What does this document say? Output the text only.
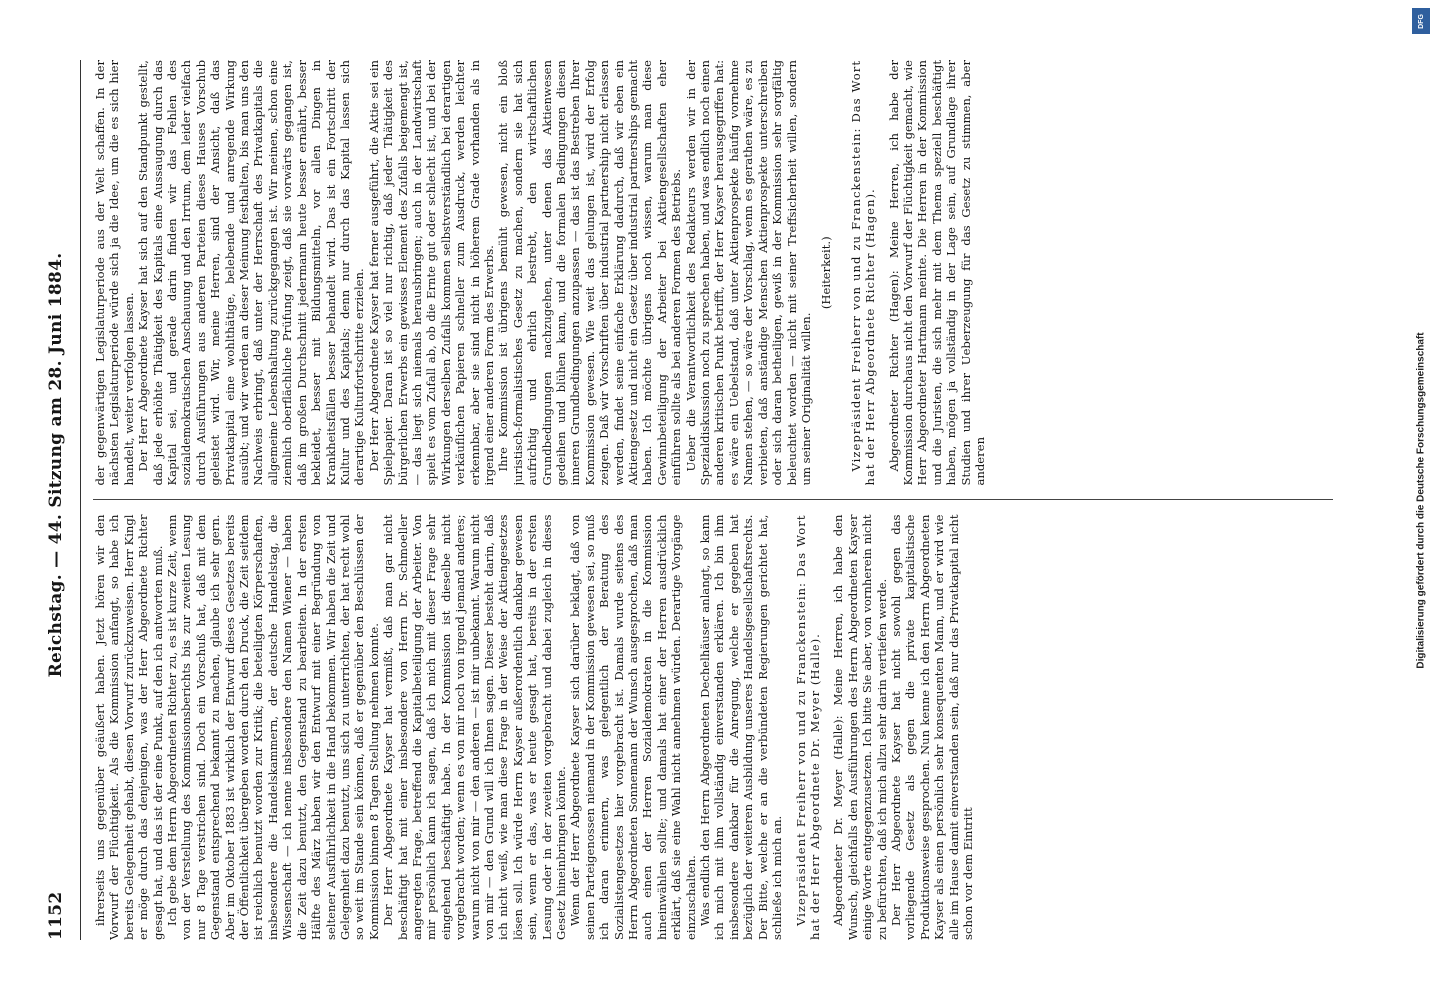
1152
Reichstag. — 44. Sitzung am 28. Juni 1884.

ihrerseits uns gegenüber geäußert haben. Jetzt hören wir den Vorwurf der Flüchtigkeit. Als die Kommission anfangt, so habe ich bereits Gelegenheit gehabt, diesen Vorwurf zurückzuweisen. Herr Kingl er möge durch das denjenigen, was der Herr Abgeordnete Richter gesagt hat, und das ist der eine Punkt, auf den ich antworten muß. Ich gebe dem Herrn Abgeordneten Richter zu, es ist kurze Zeit, wenn von der Verstellung des Kommissionsberichts bis zur zweiten Lesung nur 8 Tage verstrichen sind. Doch ein Vorschuß hat, daß mit dem Gegenstand entsprechend bekannt zu machen, glaube ich sehr gern. Aber im Oktober 1883 ist wirklich der Entwurf dieses Gesetzes bereits der Öffentlichkeit übergeben worden durch den Druck, die Zeit seitdem ist reichlich benutzt worden zur Kritik; die beteiligten Körperschaften, insbesondere die Handelskammern, der deutsche Handelstag, die Wissenschaft — ich nenne insbesondere den Namen Wiener — haben die Zeit dazu benutzt, den Gegenstand zu bearbeiten. In der ersten Hälfte des März haben wir den Entwurf mit einer Begründung von seltener Ausführlichkeit in die Hand bekommen. Wir haben die Zeit und Gelegenheit dazu benutzt, uns sich zu unterrichten, der hat recht wohl so weit im Stande sein können, daß er gegenüber den Beschlüssen der Kommission binnen 8 Tagen Stellung nehmen konnte. Der Herr Abgeordnete Kayser hat vermißt, daß man gar nicht beschäftigt hat mit einer insbesondere von Herrn Dr. Schmoeller angeregten Frage, betreffend die Kapitalbeteiligung der Arbeiter. Von mir persönlich kann ich sagen, daß ich mich mit dieser Frage sehr eingehend beschäftigt habe. In der Kommission ist dieselbe nicht vorgebracht worden; wenn es von mir noch von irgend jemand anderes; warum nicht von mir — den anderen — ist mir unbekannt. Warum nicht von mir — den Grund will ich Ihnen sagen. Dieser besteht darin, daß ich nicht weiß, wie man diese Frage in der Weise der Aktiengesetzes lösen soll. Ich würde Herrn Kayser außerordentlich dankbar gewesen sein, wenn er das, was er heute gesagt hat, bereits in der ersten Lesung oder in der zweiten vorgebracht und dabei zugleich in dieses Gesetz hineinbringen könnte. Wenn der Herr Abgeordnete Kayser sich darüber beklagt, daß von seinen Parteigenossen niemand in der Kommission gewesen sei, so muß ich daran erinnern, was gelegentlich der Beratung des Sozialistengesetzes hier vorgebracht ist. Damals wurde seitens des Herrn Abgeordneten Sonnemann der Wunsch ausgesprochen, daß man auch einen der Herren Sozialdemokraten in die Kommission hineinwählen sollte; und damals hat einer der Herren ausdrücklich erklärt, daß sie eine Wahl nicht annehmen würden. Derartige Vorgänge einzuschalten. Was endlich den Herrn Abgeordneten Dechelhäuser anlangt, so kann ich mich mit ihm vollständig einverstanden erklären. Ich bin ihm insbesondere dankbar für die Anregung, welche er gegeben hat bezüglich der weiteren Ausbildung unseres Handelsgesellschaftsrechts. Der Bitte, welche er an die verbündeten Regierungen gerichtet hat, schließe ich mich an. Vizepräsident Freiherr von und zu Franckenstein: Das Wort hat der Herr Abgeordnete Dr. Meyer (Halle). Abgeordneter Dr. Meyer (Halle): Meine Herren, ich habe den Wunsch, gleichfalls den Ausführungen des Herrn Abgeordneten Kayser einige Worte entgegenzusetzen. Ich bitte Sie aber, von vornherein nicht zu befürchten, daß ich mich allzu sehr darin vertiefen werde. Der Herr Abgeordnete Kayser hat nicht sowohl gegen das vorliegende Gesetz als gegen die private kapitalistische Produktionsweise gesprochen. Nun kenne ich den Herrn Abgeordneten Kayser als einen persönlich sehr konsequenten Mann, und er wird wie alle im Hause damit einverstanden sein, daß nur das Privatkapital nicht schon vor dem Eintritt

der gegenwärtigen Legislaturperiode aus der Welt schaffen. In der nächsten Legislaturperiode würde sich ja die Idee, um die es sich hier handelt, weiter verfolgen lassen. Der Herr Abgeordnete Kayser hat sich auf den Standpunkt gestellt, daß jede erhöhte Thätigkeit des Kapitals eine Aussaugung durch das Kapital sei, und gerade darin finden wir das Fehlen des sozialdemokratischen Anschauung und den Irrtum, dem leider vielfach durch Ausführungen aus anderen Parteien dieses Hauses Vorschub geleistet wird. Wir, meine Herren, sind der Ansicht, daß das Privatkapital eine wohlthätige, belebende und anregende Wirkung ausübt; und wir werden an dieser Meinung festhalten, bis man uns den Nachweis erbringt, daß unter der Herrschaft des Privatkapitals die allgemeine Lebenshaltung zurückgegangen ist. Wir meinen, schon eine ziemlich oberflächliche Prüfung zeigt, daß sie vorwärts gegangen ist, daß im großen Durchschnitt jedermann heute besser ernährt, besser bekleidet, besser mit Bildungsmitteln, vor allen Dingen in Krankheitsfällen besser behandelt wird. Das ist ein Fortschritt der Kultur und des Kapitals; denn nur durch das Kapital lassen sich derartige Kulturfortschritte erzielen. Der Herr Abgeordnete Kayser hat ferner ausgeführt, die Aktie sei ein Spielpapier. Daran ist so viel nur richtig, daß jeder Thätigkeit des bürgerlichen Erwerbs ein gewisses Element des Zufalls beigemengt ist, — das liegt sich niemals herausbringen; auch in der Landwirtschaft spielt es vom Zufall ab, ob die Ernte gut oder schlecht ist, und bei der Wirkungen derselben Zufalls kommen selbstverständlich bei derartigen verkäuflichen Papieren schneller zum Ausdruck, werden leichter erkennbar, aber sie sind nicht in höherem Grade vorhanden als in irgend einer anderen Form des Erwerbs. Ihre Kommission ist übrigens bemüht gewesen, nicht ein bloß juristisch-formalistisches Gesetz zu machen, sondern sie hat sich aufrichtig und ehrlich bestrebt, den wirtschaftlichen Grundbedingungen nachzugehen, unter denen das Aktienwesen gedeihen und blühen kann, und die formalen Bedingungen diesen inneren Grundbedingungen anzupassen — das ist das Bestreben Ihrer Kommission gewesen. Wie weit das gelungen ist, wird der Erfolg zeigen. Daß wir Vorschriften über industrial partnership nicht erlassen werden, findet seine einfache Erklärung dadurch, daß wir eben ein Aktiengesetz und nicht ein Gesetz über industrial partnerships gemacht haben. Ich möchte übrigens noch wissen, warum man diese Gewinnbeteiligung der Arbeiter bei Aktiengesellschaften eher einführen sollte als bei anderen Formen des Betriebs. Ueber die Verantwortlichkeit des Redakteurs werden wir in der Spezialdiskussion noch zu sprechen haben, und was endlich noch einen anderen kritischen Punkt betrifft, der Herr Kayser herausgegriffen hat: es wäre ein Uebelstand, daß unter Aktienprospekte häufig vornehme Namen stehen, — so wäre der Vorschlag, wenn es gerathen wäre, es zu verbieten, daß anständige Menschen Aktienprospekte unterschreiben oder sich daran betheiligen, gewiß in der Kommission sehr sorgfältig beleuchtet worden — nicht mit seiner Treffsicherheit willen, sondern um seiner Originalität willen.

(Heiterkeit.) Vizepräsident Freiherr von und zu Franckenstein: Das Wort hat der Herr Abgeordnete Richter (Hagen). Abgeordneter Richter (Hagen): Meine Herren, ich habe der Kommission durchaus nicht den Vorwurf der Flüchtigkeit gemacht, wie Herr Abgeordneter Hartmann meinte. Die Herren in der Kommission und die Juristen, die sich mehr mit dem Thema speziell beschäftigt haben, mögen ja vollständig in der Lage sein, auf Grundlage ihrer Studien und ihrer Ueberzeugung für das Gesetz zu stimmen, aber anderen	Digitalisierung gefördert durch die Deutsche Forschungsgemeinschaft
DFG
